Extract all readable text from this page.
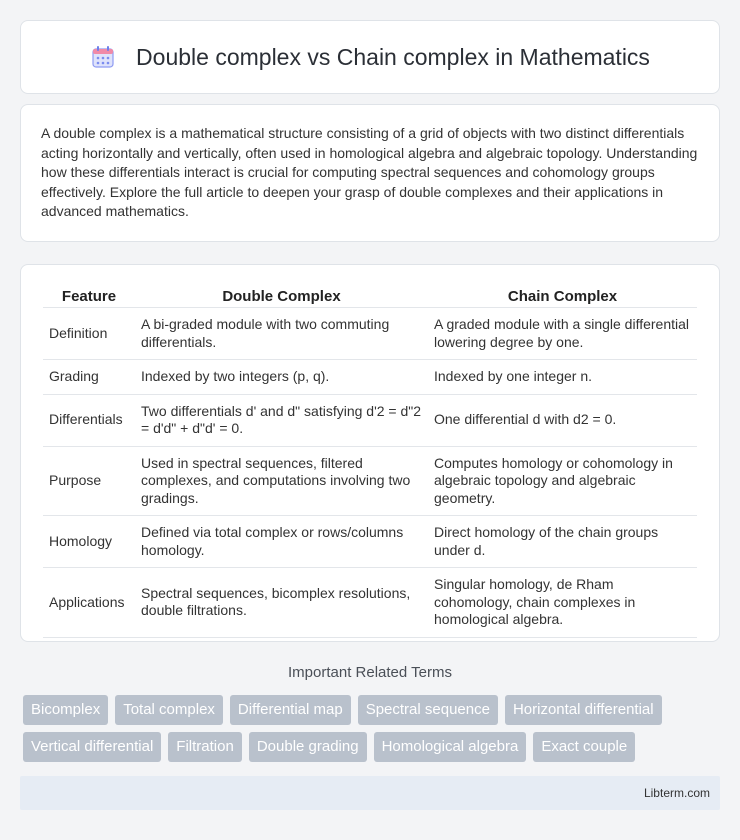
Double complex vs Chain complex in Mathematics

A double complex is a mathematical structure consisting of a grid of objects with two distinct differentials acting horizontally and vertically, often used in homological algebra and algebraic topology. Understanding how these differentials interact is crucial for computing spectral sequences and cohomology groups effectively. Explore the full article to deepen your grasp of double complexes and their applications in advanced mathematics.

Feature	Double Complex	Chain Complex
Definition	A bi-graded module with two commuting differentials.	A graded module with a single differential lowering degree by one.
Grading	Indexed by two integers (p, q).	Indexed by one integer n.
Differentials	Two differentials d' and d" satisfying d'2 = d"2 = d'd" + d"d' = 0.	One differential d with d2 = 0.
Purpose	Used in spectral sequences, filtered complexes, and computations involving two gradings.	Computes homology or cohomology in algebraic topology and algebraic geometry.
Homology	Defined via total complex or rows/columns homology.	Direct homology of the chain groups under d.
Applications	Spectral sequences, bicomplex resolutions, double filtrations.	Singular homology, de Rham cohomology, chain complexes in homological algebra.
Important Related Terms
Bicomplex	Total complex	Differential map	Spectral sequence	Horizontal differential
Vertical differential	Filtration	Double grading	Homological algebra	Exact couple
Libterm.com
